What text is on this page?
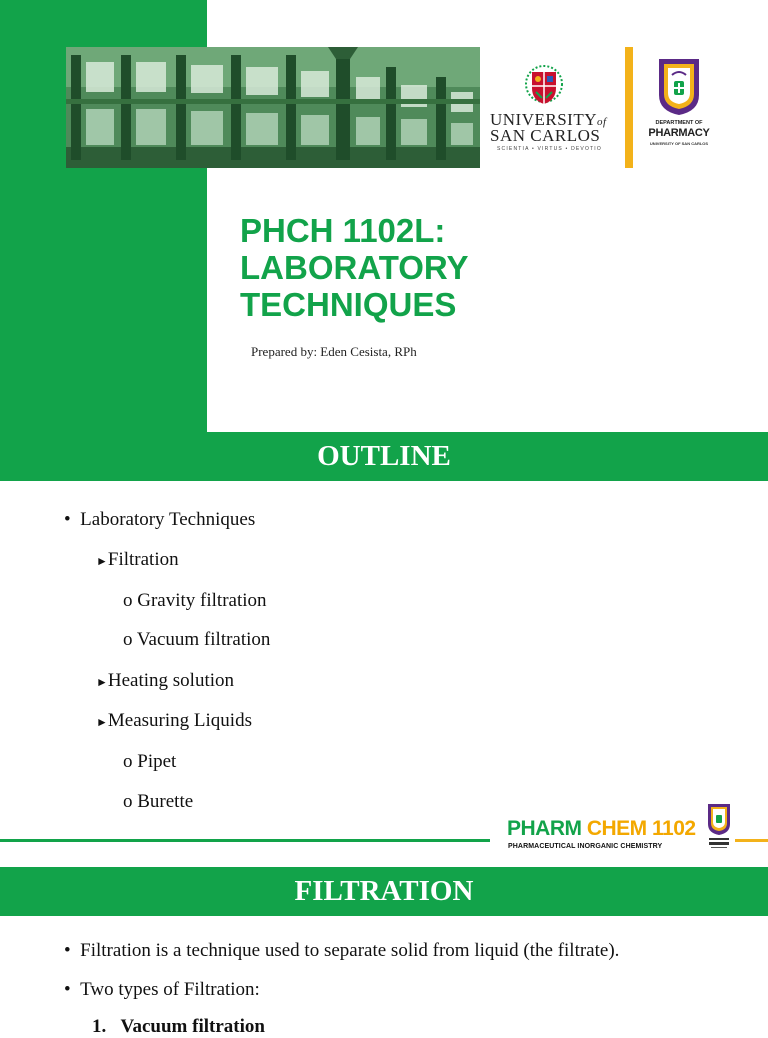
UNIVERSITYof
SAN CARLOS
SCIENTIA • VIRTUS • DEVOTIO
DEPARTMENT OF
PHARMACY
UNIVERSITY OF SAN CARLOS
PHCH 1102L:
LABORATORY
TECHNIQUES
Prepared by: Eden Cesista, RPh
OUTLINE
• Laboratory Techniques
►Filtration
o Gravity filtration
o Vacuum filtration
►Heating solution
►Measuring Liquids
o Pipet
o Burette
PHARM CHEM 1102
PHARMACEUTICAL INORGANIC CHEMISTRY
FILTRATION
•  Filtration is a technique used to separate solid from liquid (the filtrate).
•  Two types of Filtration:
1. Vacuum filtration
